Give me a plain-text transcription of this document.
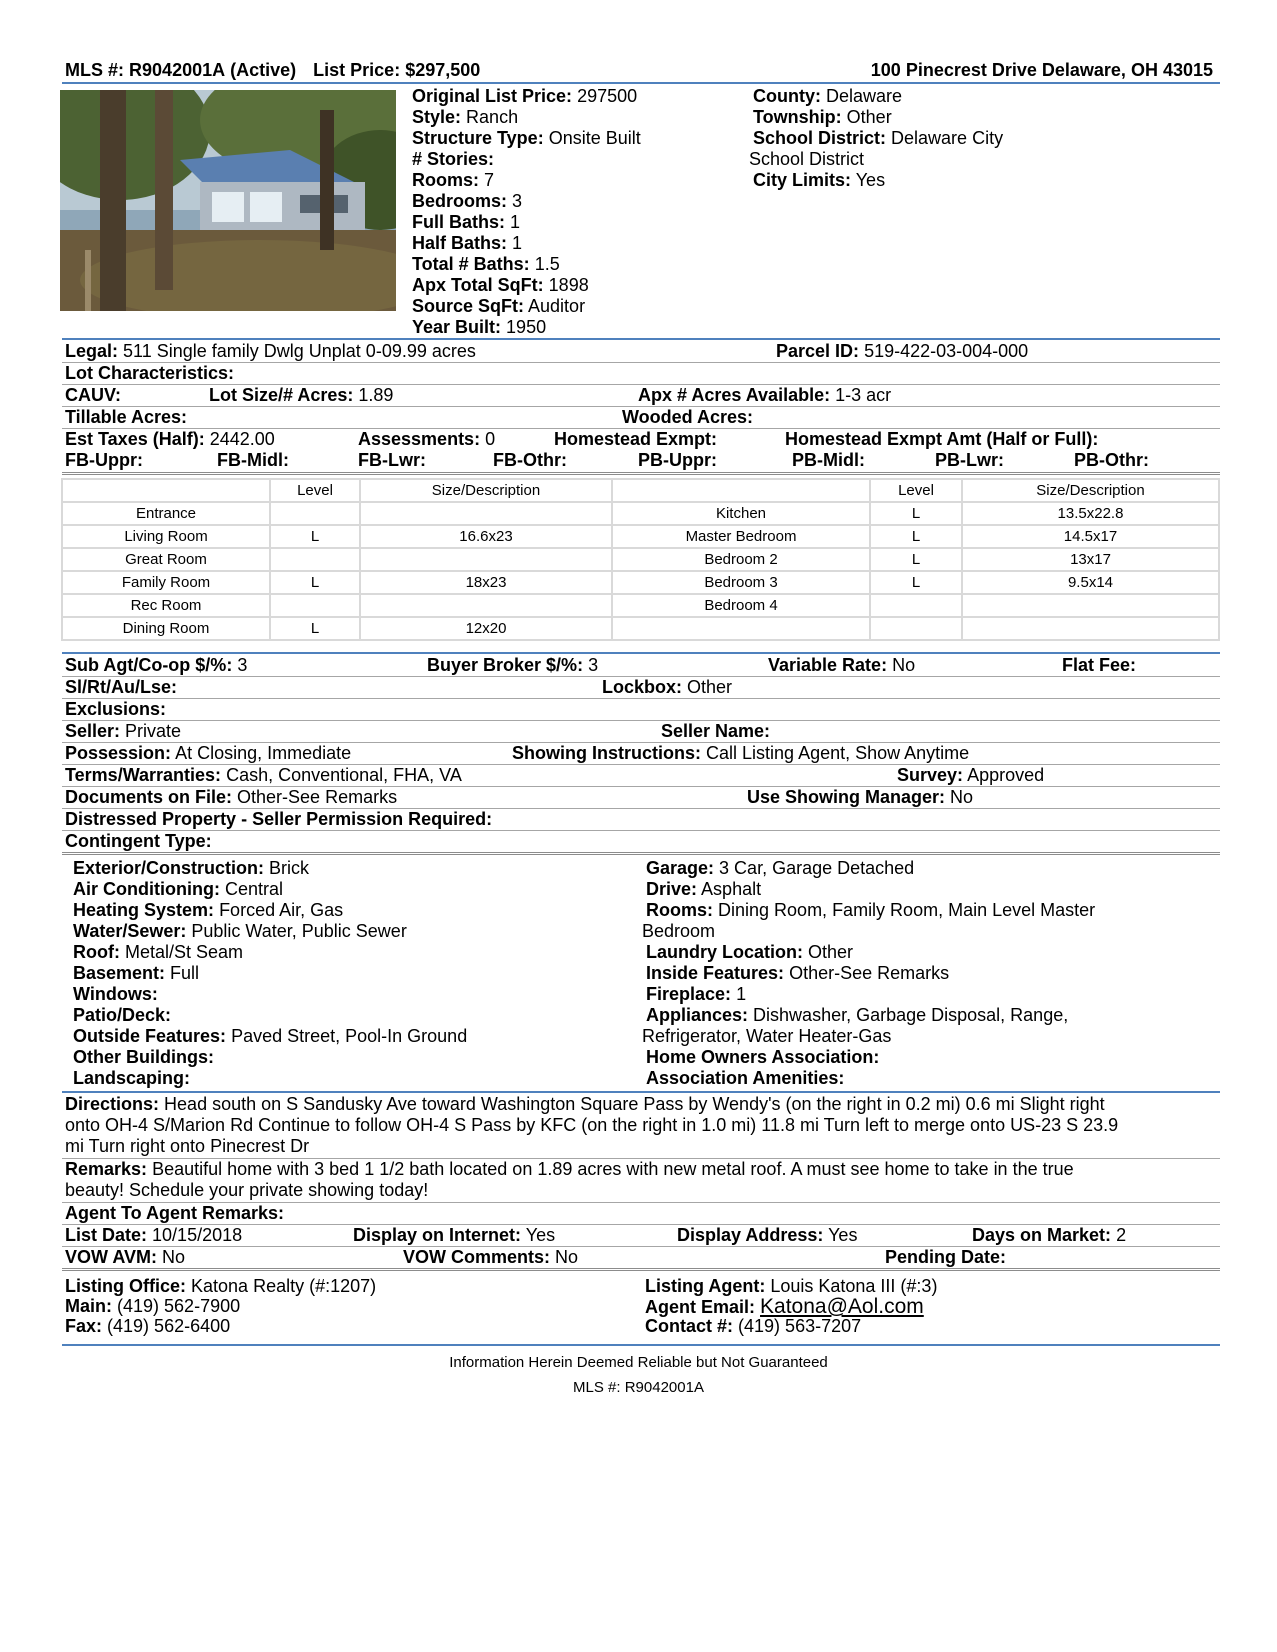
MLS #: R9042001A (Active) List Price: $297,500	100 Pinecrest Drive Delaware, OH 43015
Original List Price: 297500
Style: Ranch
Structure Type: Onsite Built
# Stories:
Rooms: 7
Bedrooms: 3
Full Baths: 1
Half Baths: 1
Total # Baths: 1.5
Apx Total SqFt: 1898
Source SqFt: Auditor
Year Built: 1950
County: Delaware
Township: Other
School District: Delaware City
School District
City Limits: Yes
Legal: 511 Single family Dwlg Unplat 0-09.99 acres	Parcel ID: 519-422-03-004-000
Lot Characteristics:
CAUV:	Lot Size/# Acres: 1.89	Apx # Acres Available: 1-3 acr
Tillable Acres:	Wooded Acres:
Est Taxes (Half): 2442.00	Assessments: 0	Homestead Exmpt:	Homestead Exmpt Amt (Half or Full):
FB-Uppr:	FB-Midl:	FB-Lwr:	FB-Othr:	PB-Uppr:	PB-Midl:	PB-Lwr:	PB-Othr:
	Level	Size/Description		Level	Size/Description
Entrance			Kitchen	L	13.5x22.8
Living Room	L	16.6x23	Master Bedroom	L	14.5x17
Great Room			Bedroom 2	L	13x17
Family Room	L	18x23	Bedroom 3	L	9.5x14
Rec Room			Bedroom 4		
Dining Room	L	12x20			
Sub Agt/Co-op $/%: 3	Buyer Broker $/%: 3	Variable Rate: No	Flat Fee:
Sl/Rt/Au/Lse:	Lockbox: Other
Exclusions:
Seller: Private	Seller Name:
Possession: At Closing, Immediate	Showing Instructions: Call Listing Agent, Show Anytime
Terms/Warranties: Cash, Conventional, FHA, VA	Survey: Approved
Documents on File: Other-See Remarks	Use Showing Manager: No
Distressed Property - Seller Permission Required:
Contingent Type:
Exterior/Construction: Brick
Air Conditioning: Central
Heating System: Forced Air, Gas
Water/Sewer: Public Water, Public Sewer
Roof: Metal/St Seam
Basement: Full
Windows:
Patio/Deck:
Outside Features: Paved Street, Pool-In Ground
Other Buildings:
Landscaping:
Garage: 3 Car, Garage Detached
Drive: Asphalt
Rooms: Dining Room, Family Room, Main Level Master
Bedroom
Laundry Location: Other
Inside Features: Other-See Remarks
Fireplace: 1
Appliances: Dishwasher, Garbage Disposal, Range,
Refrigerator, Water Heater-Gas
Home Owners Association:
Association Amenities:
Directions: Head south on S Sandusky Ave toward Washington Square Pass by Wendy's (on the right in 0.2 mi) 0.6 mi Slight right
onto OH-4 S/Marion Rd Continue to follow OH-4 S Pass by KFC (on the right in 1.0 mi) 11.8 mi Turn left to merge onto US-23 S 23.9
mi Turn right onto Pinecrest Dr
Remarks: Beautiful home with 3 bed 1 1/2 bath located on 1.89 acres with new metal roof. A must see home to take in the true
beauty! Schedule your private showing today!
Agent To Agent Remarks:
List Date: 10/15/2018	Display on Internet: Yes	Display Address: Yes	Days on Market: 2
VOW AVM: No	VOW Comments: No	Pending Date:
Listing Office: Katona Realty (#:1207)
Main: (419) 562-7900
Fax: (419) 562-6400
Listing Agent: Louis Katona III (#:3)
Agent Email: Katona@Aol.com
Contact #: (419) 563-7207
Information Herein Deemed Reliable but Not Guaranteed
MLS #: R9042001A
